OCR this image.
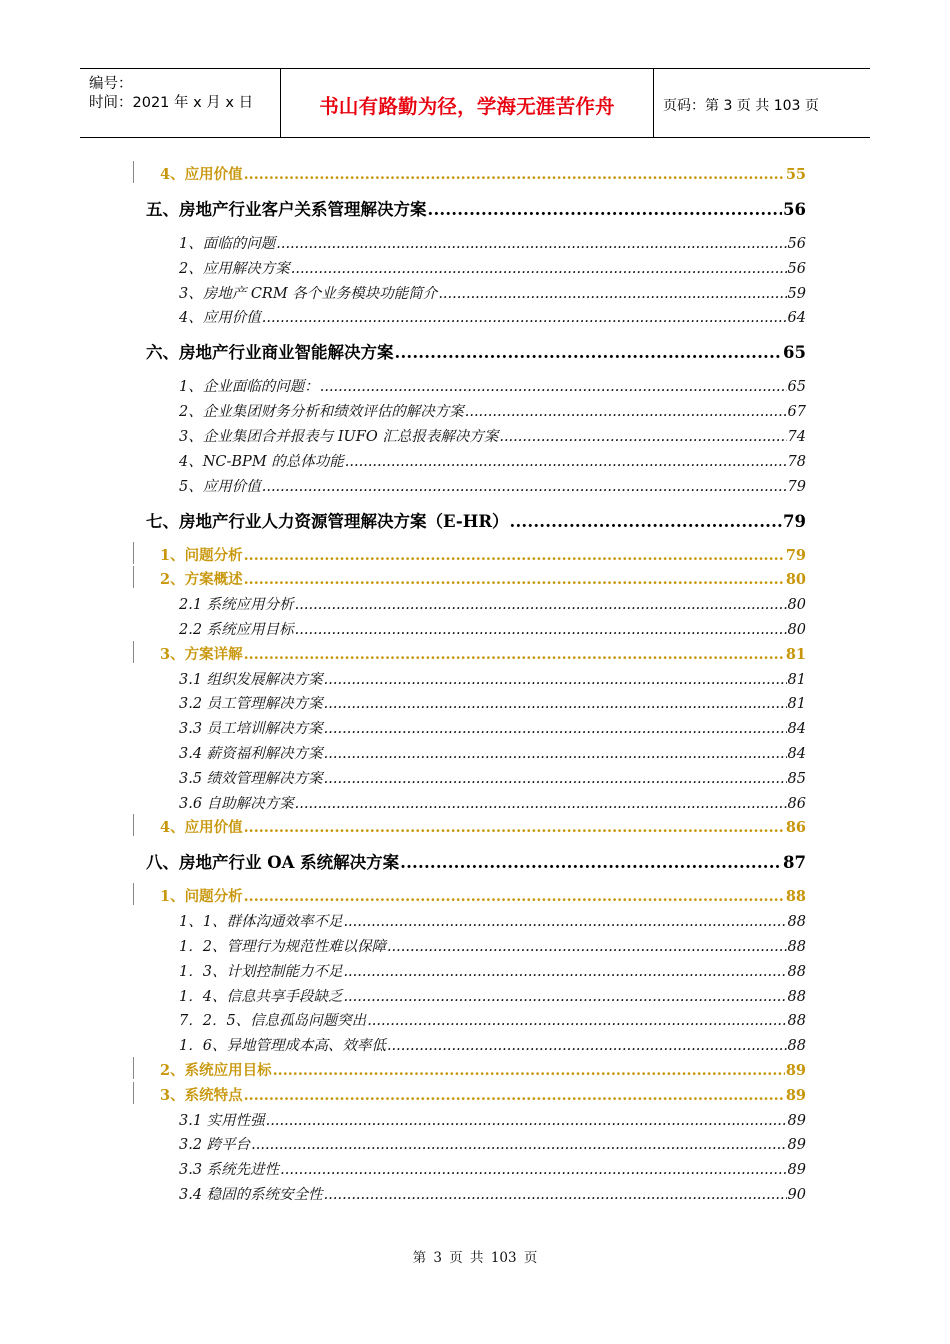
编号：
时间：2021 年 x 月 x 日	书山有路勤为径，学海无涯苦作舟	页码：第 3 页 共 103 页
4、应用价值 .....	55
五、房地产行业客户关系管理解决方案 .....	56
1、面临的问题 .....	56
2、应用解决方案 .....	56
3、房地产 CRM 各个业务模块功能简介 .....	59
4、应用价值 .....	64
六、房地产行业商业智能解决方案 .....	65
1、企业面临的问题： .....	65
2、企业集团财务分析和绩效评估的解决方案 .....	67
3、企业集团合并报表与 IUFO 汇总报表解决方案 .....	74
4、NC-BPM 的总体功能 .....	78
5、应用价值 .....	79
七、房地产行业人力资源管理解决方案（E-HR） .....	79
1、问题分析 .....	79
2、方案概述 .....	80
2.1 系统应用分析 .....	80
2.2 系统应用目标 .....	80
3、方案详解 .....	81
3.1 组织发展解决方案 .....	81
3.2 员工管理解决方案 .....	81
3.3 员工培训解决方案 .....	84
3.4 薪资福利解决方案 .....	84
3.5 绩效管理解决方案 .....	85
3.6 自助解决方案 .....	86
4、应用价值 .....	86
八、房地产行业 OA 系统解决方案 .....	87
1、问题分析 .....	88
1、1、群体沟通效率不足 .....	88
1．2、管理行为规范性难以保障 .....	88
1．3、计划控制能力不足 .....	88
1．4、信息共享手段缺乏 .....	88
7．2．5、信息孤岛问题突出 .....	88
1．6、异地管理成本高、效率低 .....	88
2、系统应用目标 .....	89
3、系统特点 .....	89
3.1 实用性强 .....	89
3.2 跨平台 .....	89
3.3 系统先进性 .....	89
3.4 稳固的系统安全性 .....	90
第 3 页 共 103 页
